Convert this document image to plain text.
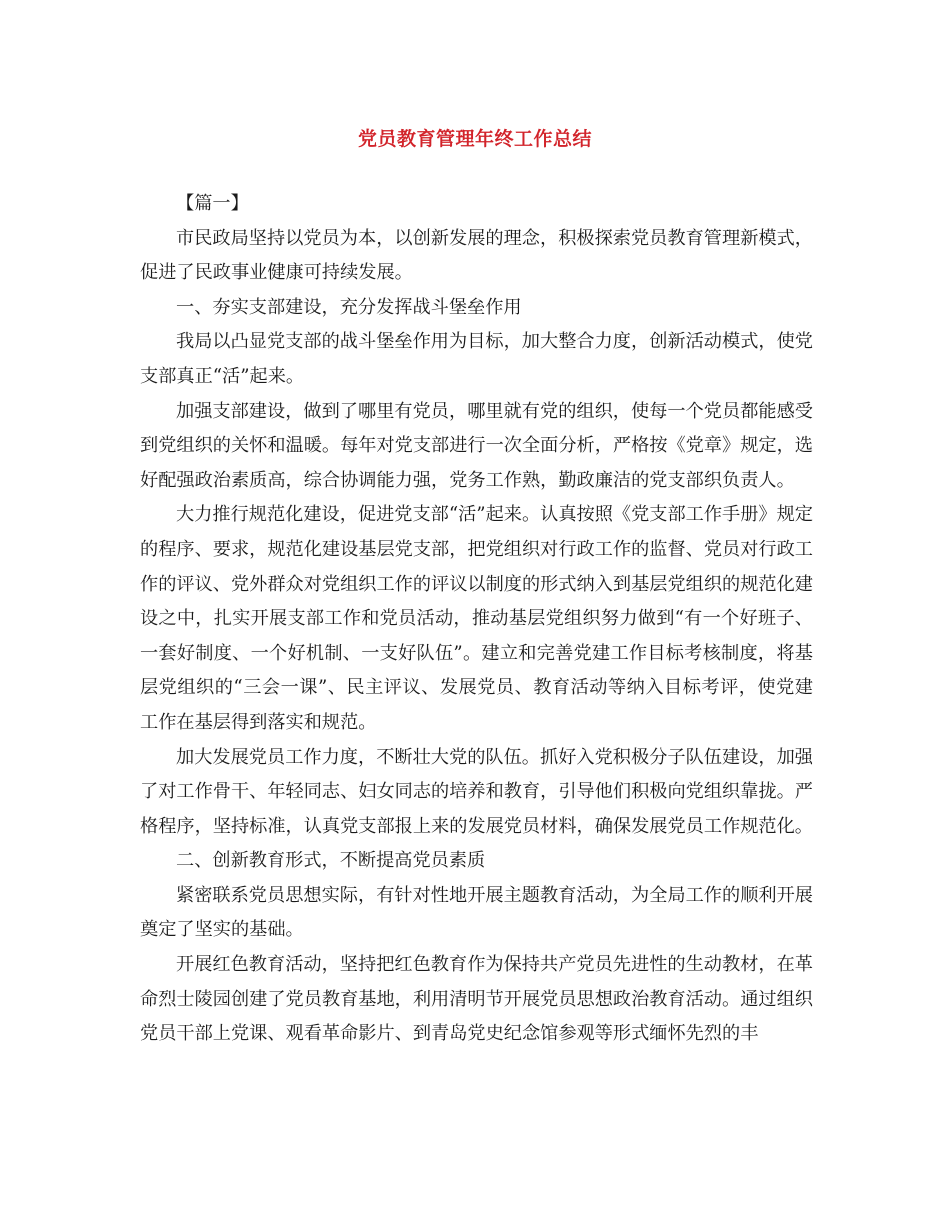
党员教育管理年终工作总结

【篇一】

市民政局坚持以党员为本，以创新发展的理念，积极探索党员教育管理新模式，促进了民政事业健康可持续发展。

一、夯实支部建设，充分发挥战斗堡垒作用

我局以凸显党支部的战斗堡垒作用为目标，加大整合力度，创新活动模式，使党支部真正“活”起来。

加强支部建设，做到了哪里有党员，哪里就有党的组织，使每一个党员都能感受到党组织的关怀和温暖。每年对党支部进行一次全面分析，严格按《党章》规定，选好配强政治素质高，综合协调能力强，党务工作熟，勤政廉洁的党支部织负责人。

大力推行规范化建设，促进党支部“活”起来。认真按照《党支部工作手册》规定的程序、要求，规范化建设基层党支部，把党组织对行政工作的监督、党员对行政工作的评议、党外群众对党组织工作的评议以制度的形式纳入到基层党组织的规范化建设之中，扎实开展支部工作和党员活动，推动基层党组织努力做到“有一个好班子、一套好制度、一个好机制、一支好队伍”。建立和完善党建工作目标考核制度，将基层党组织的“三会一课”、民主评议、发展党员、教育活动等纳入目标考评，使党建工作在基层得到落实和规范。

加大发展党员工作力度，不断壮大党的队伍。抓好入党积极分子队伍建设，加强了对工作骨干、年轻同志、妇女同志的培养和教育，引导他们积极向党组织靠拢。严格程序，坚持标准，认真党支部报上来的发展党员材料，确保发展党员工作规范化。

二、创新教育形式，不断提高党员素质

紧密联系党员思想实际，有针对性地开展主题教育活动，为全局工作的顺利开展奠定了坚实的基础。

开展红色教育活动，坚持把红色教育作为保持共产党员先进性的生动教材，在革命烈士陵园创建了党员教育基地，利用清明节开展党员思想政治教育活动。通过组织党员干部上党课、观看革命影片、到青岛党史纪念馆参观等形式缅怀先烈的丰
